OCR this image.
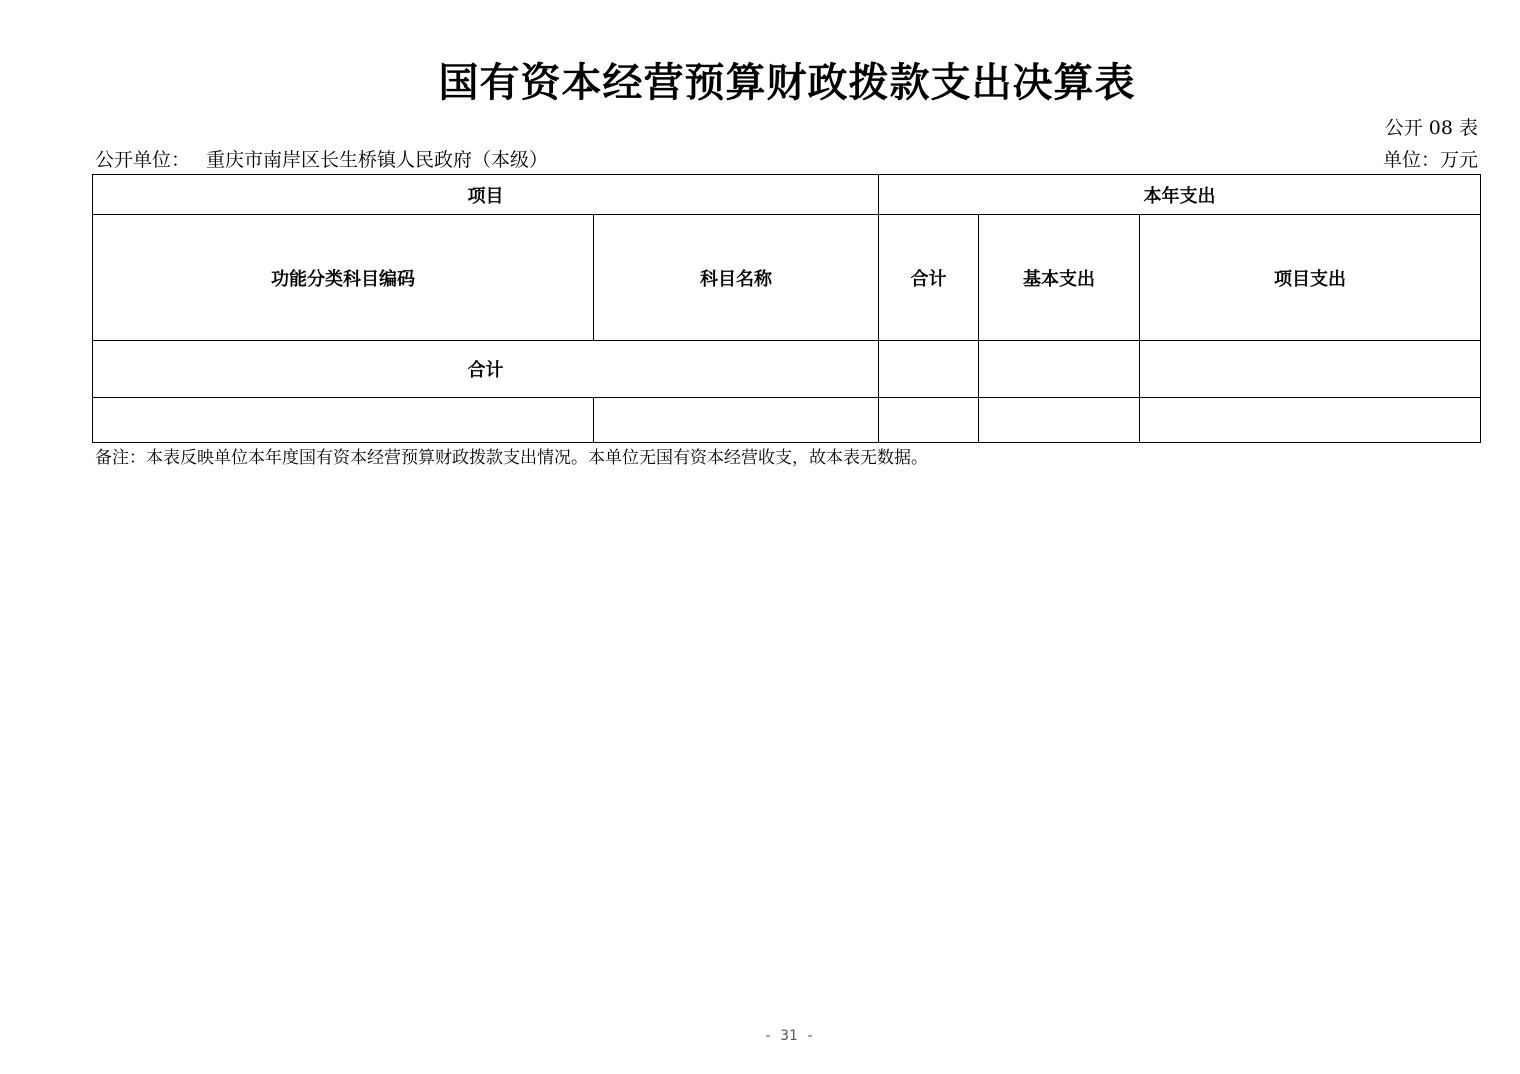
国有资本经营预算财政拨款支出决算表
公开 08 表
公开单位： 重庆市南岸区长生桥镇人民政府（本级）	单位：万元
项目		本年支出		
功能分类科目编码	科目名称	合计	基本支出	项目支出
合计				

备注：本表反映单位本年度国有资本经营预算财政拨款支出情况。本单位无国有资本经营收支，故本表无数据。
- 31 -
